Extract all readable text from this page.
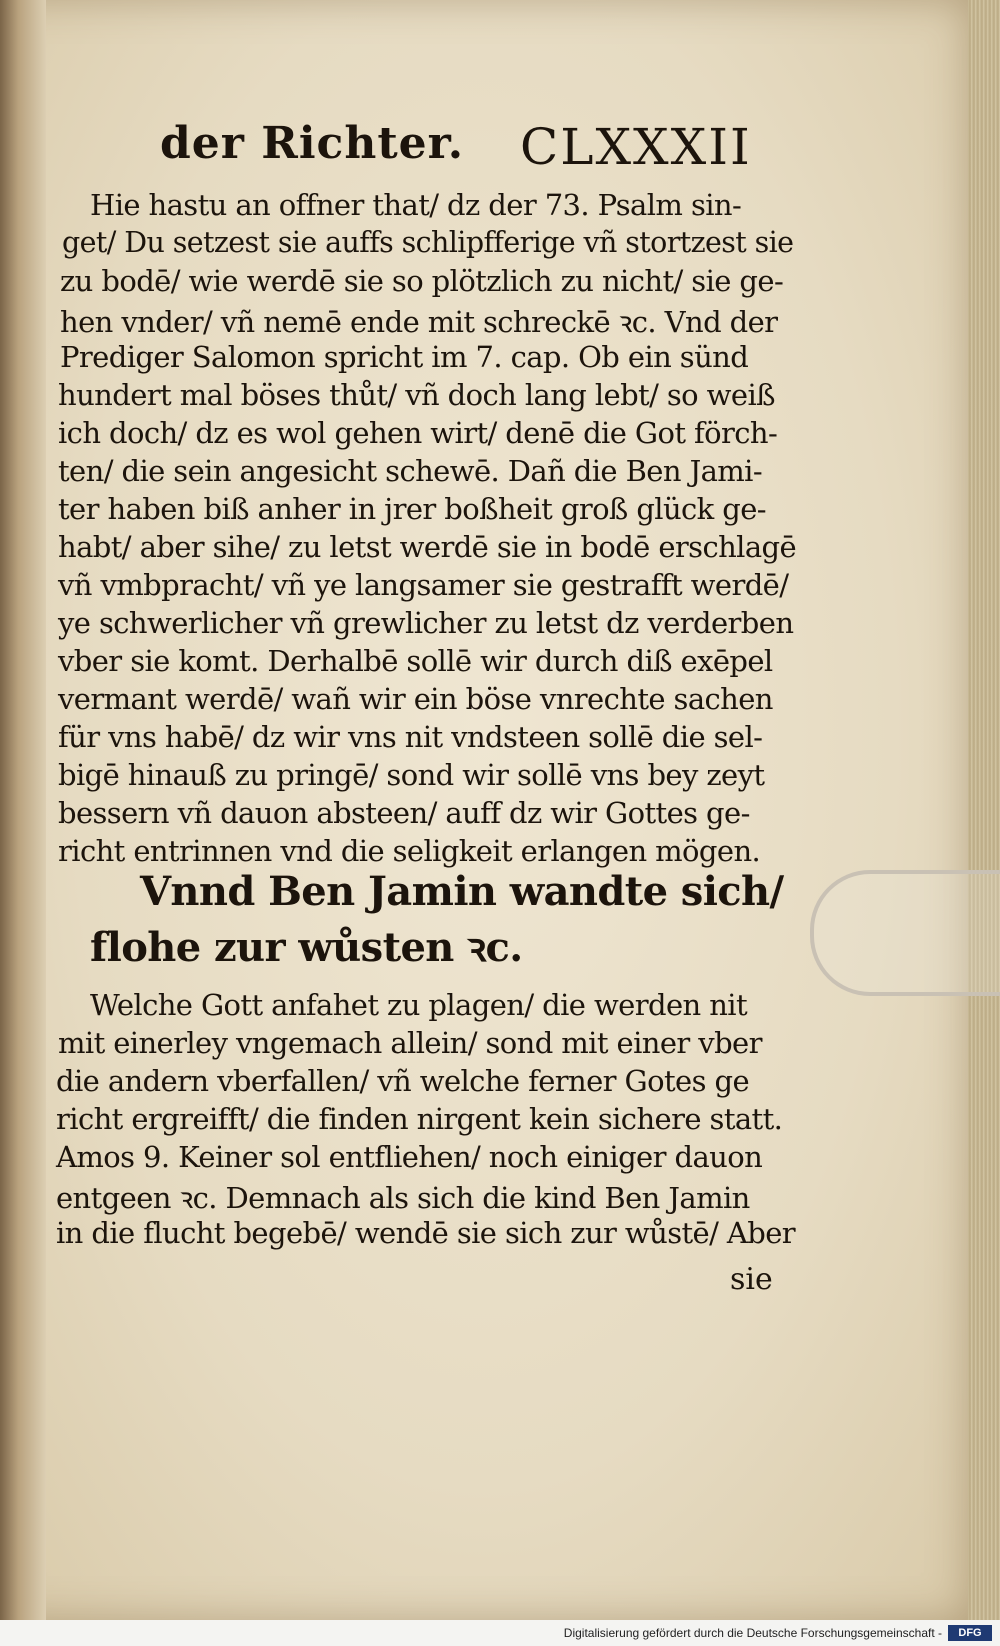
der Richter. CLXXXII
Hie hastu an offner that/ dz der 73. Psalm sin-
get/ Du setzest sie auffs schlipfferige vñ stortzest sie
zu bodē/ wie werdē sie so plötzlich zu nicht/ sie ge-
hen vnder/ vñ nemē ende mit schreckē ꝛc. Vnd der
Prediger Salomon spricht im 7. cap. Ob ein sünd
hundert mal böses thůt/ vñ doch lang lebt/ so weiß
ich doch/ dz es wol gehen wirt/ denē die Got förch-
ten/ die sein angesicht schewē. Dañ die Ben Jami-
ter haben biß anher in jrer boßheit groß glück ge-
habt/ aber sihe/ zu letst werdē sie in bodē erschlagē
vñ vmbpracht/ vñ ye langsamer sie gestrafft werdē/
ye schwerlicher vñ grewlicher zu letst dz verderben
vber sie komt. Derhalbē sollē wir durch diß exēpel
vermant werdē/ wañ wir ein böse vnrechte sachen
für vns habē/ dz wir vns nit vndsteen sollē die sel-
bigē hinauß zu pringē/ sond wir sollē vns bey zeyt
bessern vñ dauon absteen/ auff dz wir Gottes ge-
richt entrinnen vnd die seligkeit erlangen mögen.
Vnnd Ben Jamin wandte sich/
flohe zur wůsten ꝛc.
Welche Gott anfahet zu plagen/ die werden nit
mit einerley vngemach allein/ sond mit einer vber
die andern vberfallen/ vñ welche ferner Gotes ge
richt ergreifft/ die finden nirgent kein sichere statt.
Amos 9. Keiner sol entfliehen/ noch einiger dauon
entgeen ꝛc. Demnach als sich die kind Ben Jamin
in die flucht begebē/ wendē sie sich zur wůstē/ Aber
sie
Digitalisierung gefördert durch die Deutsche Forschungsgemeinschaft -	DFG
